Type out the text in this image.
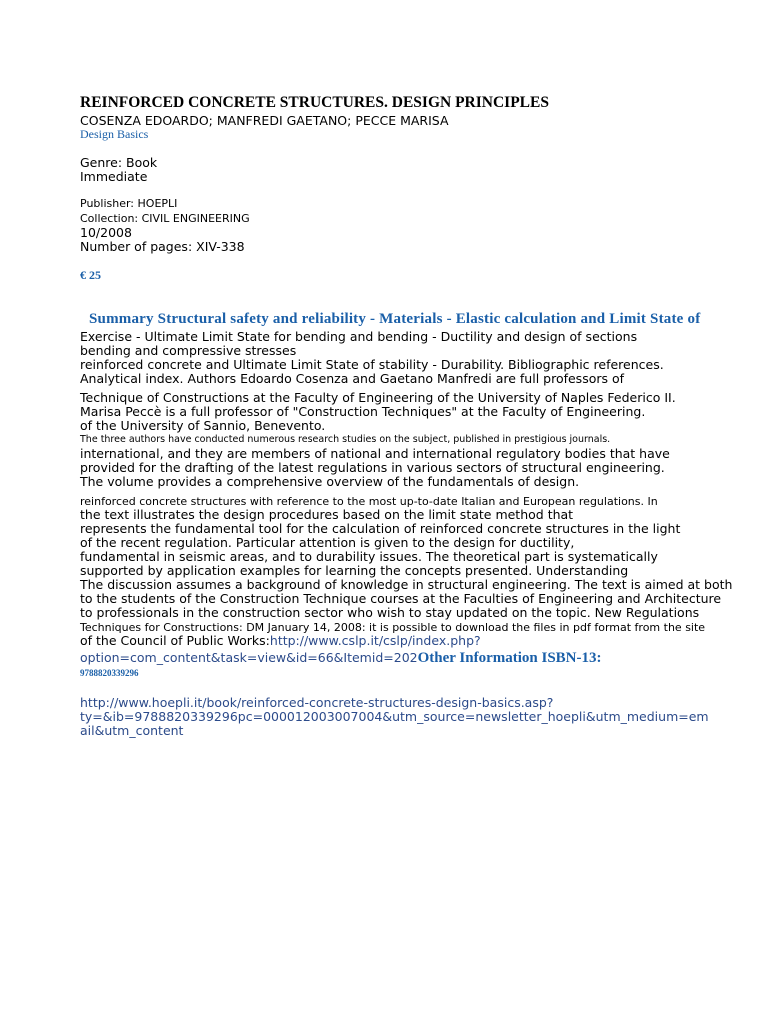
REINFORCED CONCRETE STRUCTURES. DESIGN PRINCIPLES
COSENZA EDOARDO; MANFREDI GAETANO; PECCE MARISA
Design Basics
Genre: Book
Immediate
Publisher: HOEPLI
Collection: CIVIL ENGINEERING
10/2008
Number of pages: XIV-338
€ 25
Summary Structural safety and reliability - Materials - Elastic calculation and Limit State of
Exercise - Ultimate Limit State for bending and bending - Ductility and design of sections
bending and compressive stresses
reinforced concrete and Ultimate Limit State of stability - Durability. Bibliographic references.
Analytical index. Authors Edoardo Cosenza and Gaetano Manfredi are full professors of
Technique of Constructions at the Faculty of Engineering of the University of Naples Federico II.
Marisa Peccè is a full professor of "Construction Techniques" at the Faculty of Engineering.
of the University of Sannio, Benevento.
The three authors have conducted numerous research studies on the subject, published in prestigious journals.
international, and they are members of national and international regulatory bodies that have
provided for the drafting of the latest regulations in various sectors of structural engineering.
The volume provides a comprehensive overview of the fundamentals of design.
reinforced concrete structures with reference to the most up-to-date Italian and European regulations. In
the text illustrates the design procedures based on the limit state method that
represents the fundamental tool for the calculation of reinforced concrete structures in the light
of the recent regulation. Particular attention is given to the design for ductility,
fundamental in seismic areas, and to durability issues. The theoretical part is systematically
supported by application examples for learning the concepts presented. Understanding
The discussion assumes a background of knowledge in structural engineering. The text is aimed at both
to the students of the Construction Technique courses at the Faculties of Engineering and Architecture
to professionals in the construction sector who wish to stay updated on the topic. New Regulations
Techniques for Constructions: DM January 14, 2008: it is possible to download the files in pdf format from the site
of the Council of Public Works:http://www.cslp.it/cslp/index.php?
option=com_content&task=view&id=66&Itemid=202Other Information ISBN-13:
9788820339296
http://www.hoepli.it/book/reinforced-concrete-structures-design-basics.asp?
ty=&ib=9788820339296pc=000012003007004&utm_source=newsletter_hoepli&utm_medium=em
ail&utm_content
